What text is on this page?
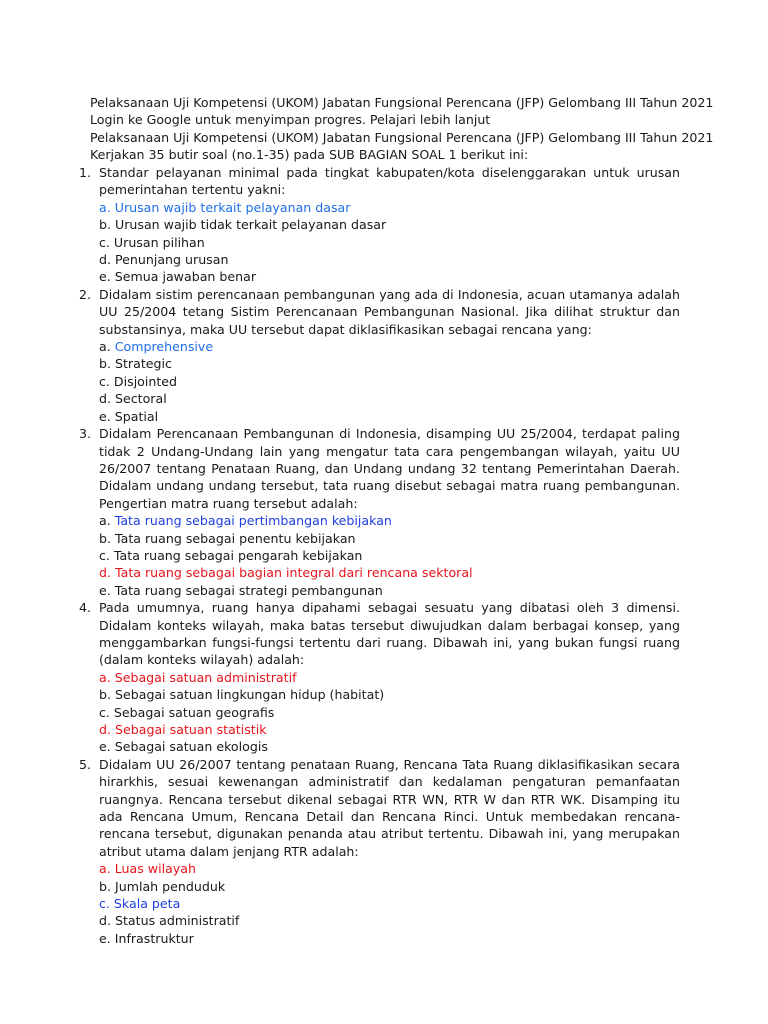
Pelaksanaan Uji Kompetensi (UKOM) Jabatan Fungsional Perencana (JFP) Gelombang III Tahun 2021
Login ke Google untuk menyimpan progres. Pelajari lebih lanjut
Pelaksanaan Uji Kompetensi (UKOM) Jabatan Fungsional Perencana (JFP) Gelombang III Tahun 2021
Kerjakan 35 butir soal (no.1-35) pada SUB BAGIAN SOAL 1 berikut ini:
1. Standar pelayanan minimal pada tingkat kabupaten/kota diselenggarakan untuk urusan pemerintahan tertentu yakni:
a. Urusan wajib terkait pelayanan dasar
b. Urusan wajib tidak terkait pelayanan dasar
c. Urusan pilihan
d. Penunjang urusan
e. Semua jawaban benar
2. Didalam sistim perencanaan pembangunan yang ada di Indonesia, acuan utamanya adalah UU 25/2004 tetang Sistim Perencanaan Pembangunan Nasional. Jika dilihat struktur dan substansinya, maka UU tersebut dapat diklasifikasikan sebagai rencana yang:
a. Comprehensive
b. Strategic
c. Disjointed
d. Sectoral
e. Spatial
3. Didalam Perencanaan Pembangunan di Indonesia, disamping UU 25/2004, terdapat paling tidak 2 Undang-Undang lain yang mengatur tata cara pengembangan wilayah, yaitu UU 26/2007 tentang Penataan Ruang, dan Undang undang 32 tentang Pemerintahan Daerah. Didalam undang undang tersebut, tata ruang disebut sebagai matra ruang pembangunan. Pengertian matra ruang tersebut adalah:
a. Tata ruang sebagai pertimbangan kebijakan
b. Tata ruang sebagai penentu kebijakan
c. Tata ruang sebagai pengarah kebijakan
d. Tata ruang sebagai bagian integral dari rencana sektoral
e. Tata ruang sebagai strategi pembangunan
4. Pada umumnya, ruang hanya dipahami sebagai sesuatu yang dibatasi oleh 3 dimensi. Didalam konteks wilayah, maka batas tersebut diwujudkan dalam berbagai konsep, yang menggambarkan fungsi-fungsi tertentu dari ruang. Dibawah ini, yang bukan fungsi ruang (dalam konteks wilayah) adalah:
a. Sebagai satuan administratif
b. Sebagai satuan lingkungan hidup (habitat)
c. Sebagai satuan geografis
d. Sebagai satuan statistik
e. Sebagai satuan ekologis
5. Didalam UU 26/2007 tentang penataan Ruang, Rencana Tata Ruang diklasifikasikan secara hirarkhis, sesuai kewenangan administratif dan kedalaman pengaturan pemanfaatan ruangnya. Rencana tersebut dikenal sebagai RTR WN, RTR W dan RTR WK. Disamping itu ada Rencana Umum, Rencana Detail dan Rencana Rinci. Untuk membedakan rencana-rencana tersebut, digunakan penanda atau atribut tertentu. Dibawah ini, yang merupakan atribut utama dalam jenjang RTR adalah:
a. Luas wilayah
b. Jumlah penduduk
c. Skala peta
d. Status administratif
e. Infrastruktur
